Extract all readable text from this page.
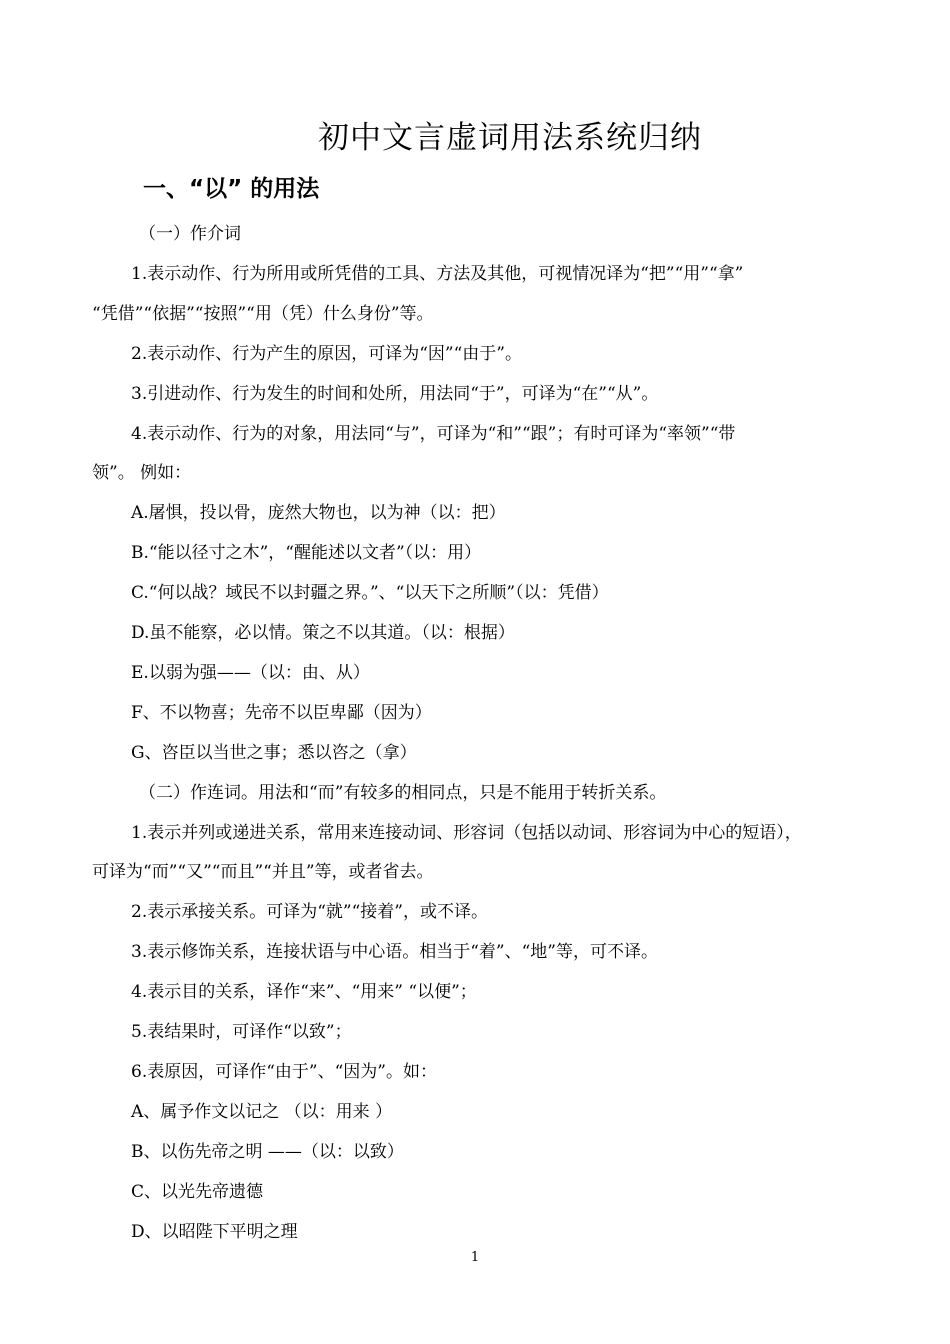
初中文言虚词用法系统归纳
一、“以” 的用法
（一）作介词
1.表示动作、行为所用或所凭借的工具、方法及其他，可视情况译为“把”“用”“拿”
“凭借”“依据”“按照”“用（凭）什么身份”等。
2.表示动作、行为产生的原因，可译为“因”“由于”。
3.引进动作、行为发生的时间和处所，用法同“于”，可译为“在”“从”。
4.表示动作、行为的对象，用法同“与”，可译为“和”“跟”；有时可译为“率领”“带
领”。 例如：
A.屠惧，投以骨，庞然大物也，以为神（以：把）
B.“能以径寸之木”，“醒能述以文者”（以：用）
C.“何以战？域民不以封疆之界。”、“以天下之所顺”（以：凭借）
D.虽不能察，必以情。策之不以其道。（以：根据）
E.以弱为强——（以：由、从）
F、不以物喜；先帝不以臣卑鄙（因为）
G、咨臣以当世之事；悉以咨之（拿）
（二）作连词。用法和“而”有较多的相同点，只是不能用于转折关系。
1.表示并列或递进关系，常用来连接动词、形容词（包括以动词、形容词为中心的短语），
可译为“而”“又”“而且”“并且”等，或者省去。
2.表示承接关系。可译为“就”“接着”，或不译。
3.表示修饰关系，连接状语与中心语。相当于“着”、“地”等，可不译。
4.表示目的关系，译作“来”、“用来” “以便”；
5.表结果时，可译作“以致”；
6.表原因，可译作“由于”、“因为”。如：
A、属予作文以记之 （以：用来 ）
B、以伤先帝之明 ——（以：以致）
C、以光先帝遗德
D、以昭陛下平明之理
1
